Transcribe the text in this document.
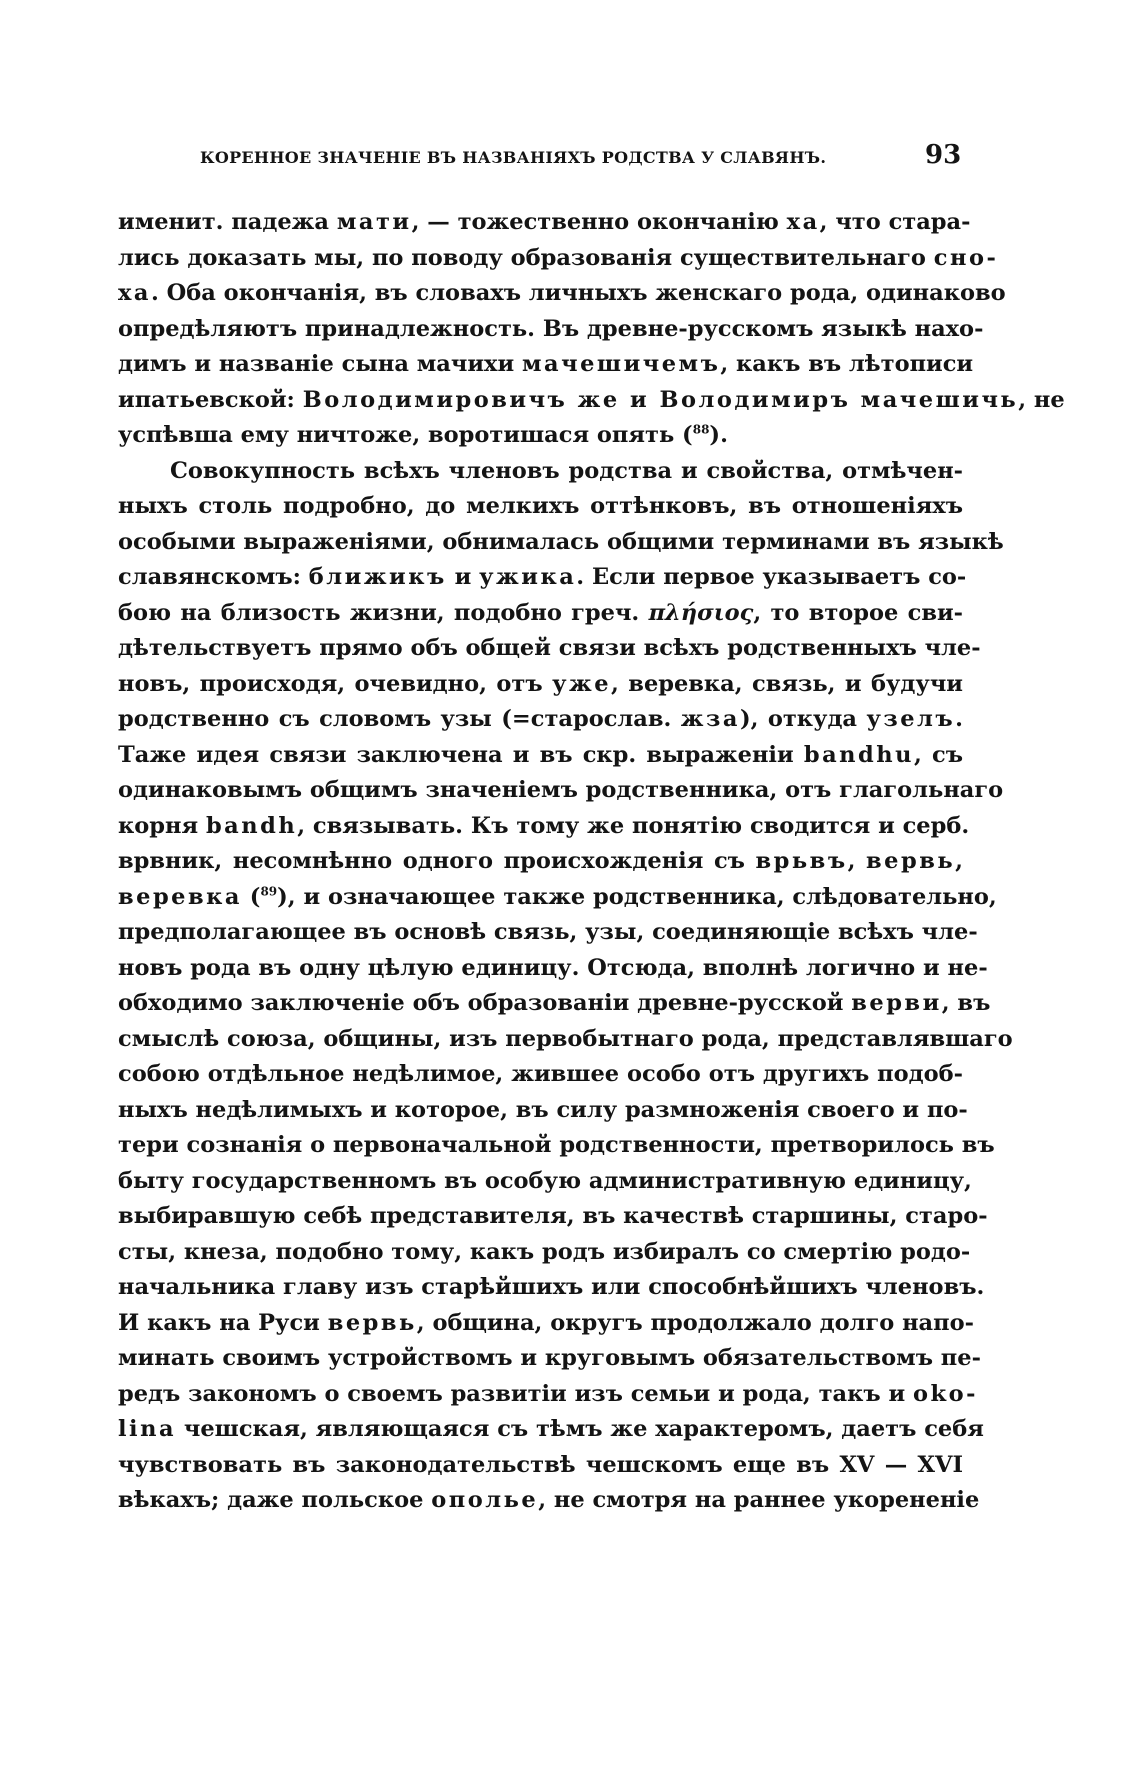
КОРЕННОЕ ЗНАЧЕНІЕ ВЪ НАЗВАНІЯХЪ РОДСТВА У СЛАВЯНЪ.	93
именит. падежа мати, — тожественно окончанію ха, что стара-
лись доказать мы, по поводу образованія существительнаго сно-
ха. Оба окончанія, въ словахъ личныхъ женскаго рода, одинаково
опредѣляютъ принадлежность. Въ древне-русскомъ языкѣ нахо-
димъ и названіе сына мачихи мачешичемъ, какъ въ лѣтописи
ипатьевской: Володимировичъ же и Володимиръ мачешичь, не
успѣвша ему ничтоже, воротишася опять ($^{88}$).
Совокупность всѣхъ членовъ родства и свойства, отмѣчен-
ныхъ столь подробно, до мелкихъ оттѣнковъ, въ отношеніяхъ
особыми выраженіями, обнималась общими терминами въ языкѣ
славянскомъ: ближикъ и ужика. Если первое указываетъ со-
бою на близость жизни, подобно греч. πλήσιος, то второе сви-
дѣтельствуетъ прямо объ общей связи всѣхъ родственныхъ чле-
новъ, происходя, очевидно, отъ уже, веревка, связь, и будучи
родственно съ словомъ узы (=старослав. жза), откуда узелъ.
Таже идея связи заключена и въ скр. выраженіи bandhu, съ
одинаковымъ общимъ значеніемъ родственника, отъ глагольнаго
корня bandh, связывать. Къ тому же понятію сводится и серб.
врвник, несомнѣнно одного происхожденія съ врьвъ, вервь,
веревка ($^{89}$), и означающее также родственника, слѣдовательно,
предполагающее въ основѣ связь, узы, соединяющіе всѣхъ чле-
новъ рода въ одну цѣлую единицу. Отсюда, вполнѣ логично и не-
обходимо заключеніе объ образованіи древне-русской верви, въ
смыслѣ союза, общины, изъ первобытнаго рода, представлявшаго
собою отдѣльное недѣлимое, жившее особо отъ другихъ подоб-
ныхъ недѣлимыхъ и которое, въ силу размноженія своего и по-
тери сознанія о первоначальной родственности, претворилось въ
быту государственномъ въ особую административную единицу,
выбиравшую себѣ представителя, въ качествѣ старшины, старо-
сты, кнеза, подобно тому, какъ родъ избиралъ со смертію родо-
начальника главу изъ старѣйшихъ или способнѣйшихъ членовъ.
И какъ на Руси вервь, община, округъ продолжало долго напо-
минать своимъ устройствомъ и круговымъ обязательствомъ пе-
редъ закономъ о своемъ развитіи изъ семьи и рода, такъ и oko-
lina чешская, являющаяся съ тѣмъ же характеромъ, даетъ себя
чувствовать въ законодательствѣ чешскомъ еще въ XV — XVI
вѣкахъ; даже польское ополье, не смотря на раннее укорененіе
